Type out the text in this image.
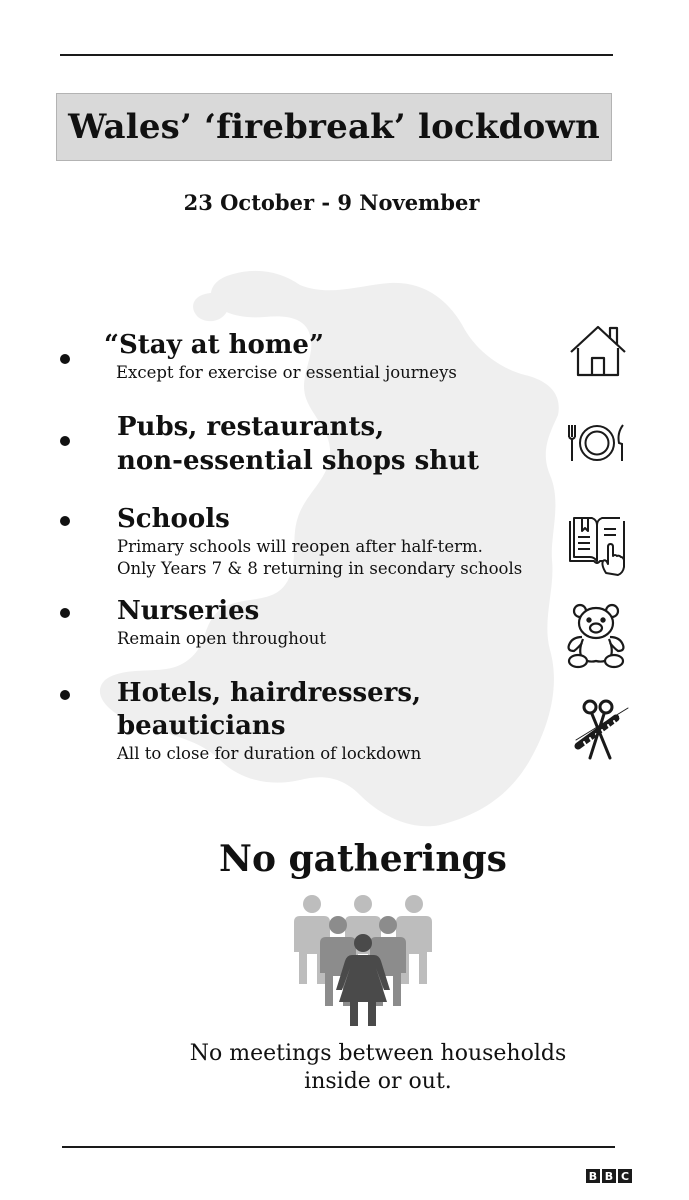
Wales’ ‘firebreak’ lockdown
23 October - 9 November
“Stay at home”
Except for exercise or essential journeys
Pubs, restaurants,
non-essential shops shut
Schools
Primary schools will reopen after half-term.
Only Years 7 & 8 returning in secondary schools
Nurseries
Remain open throughout
Hotels, hairdressers,
beauticians
All to close for duration of lockdown
No gatherings
No meetings between households
inside or out.
B B C
